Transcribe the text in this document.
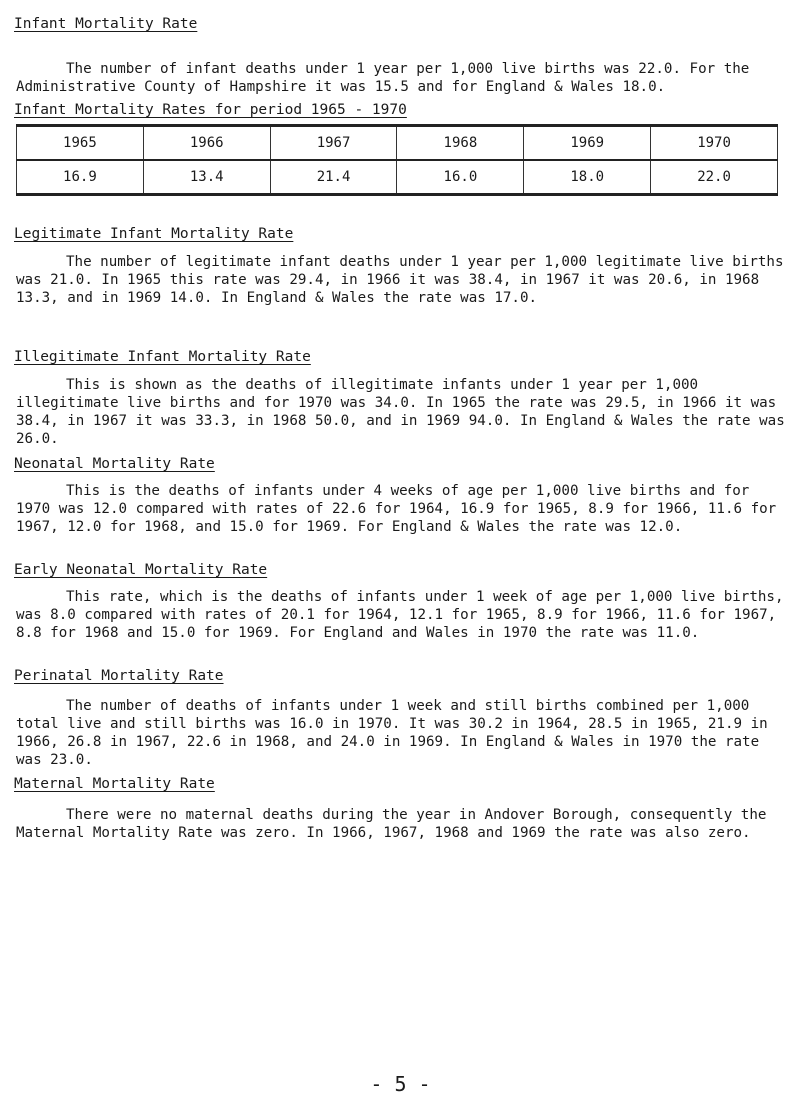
Infant Mortality Rate

The number of infant deaths under 1 year per 1,000 live births was 22.0. For the Administrative County of Hampshire it was 15.5 and for England & Wales 18.0.

Infant Mortality Rates for period 1965 - 1970
1965	1966	1967	1968	1969	1970
16.9	13.4	21.4	16.0	18.0	22.0
Legitimate Infant Mortality Rate

The number of legitimate infant deaths under 1 year per 1,000 legitimate live births was 21.0. In 1965 this rate was 29.4, in 1966 it was 38.4, in 1967 it was 20.6, in 1968 13.3, and in 1969 14.0. In England & Wales the rate was 17.0.

Illegitimate Infant Mortality Rate

This is shown as the deaths of illegitimate infants under 1 year per 1,000 illegitimate live births and for 1970 was 34.0. In 1965 the rate was 29.5, in 1966 it was 38.4, in 1967 it was 33.3, in 1968 50.0, and in 1969 94.0. In England & Wales the rate was 26.0.

Neonatal Mortality Rate

This is the deaths of infants under 4 weeks of age per 1,000 live births and for 1970 was 12.0 compared with rates of 22.6 for 1964, 16.9 for 1965, 8.9 for 1966, 11.6 for 1967, 12.0 for 1968, and 15.0 for 1969. For England & Wales the rate was 12.0.

Early Neonatal Mortality Rate

This rate, which is the deaths of infants under 1 week of age per 1,000 live births, was 8.0 compared with rates of 20.1 for 1964, 12.1 for 1965, 8.9 for 1966, 11.6 for 1967, 8.8 for 1968 and 15.0 for 1969. For England and Wales in 1970 the rate was 11.0.

Perinatal Mortality Rate

The number of deaths of infants under 1 week and still births combined per 1,000 total live and still births was 16.0 in 1970. It was 30.2 in 1964, 28.5 in 1965, 21.9 in 1966, 26.8 in 1967, 22.6 in 1968, and 24.0 in 1969. In England & Wales in 1970 the rate was 23.0.

Maternal Mortality Rate

There were no maternal deaths during the year in Andover Borough, consequently the Maternal Mortality Rate was zero. In 1966, 1967, 1968 and 1969 the rate was also zero.

- 5 -
